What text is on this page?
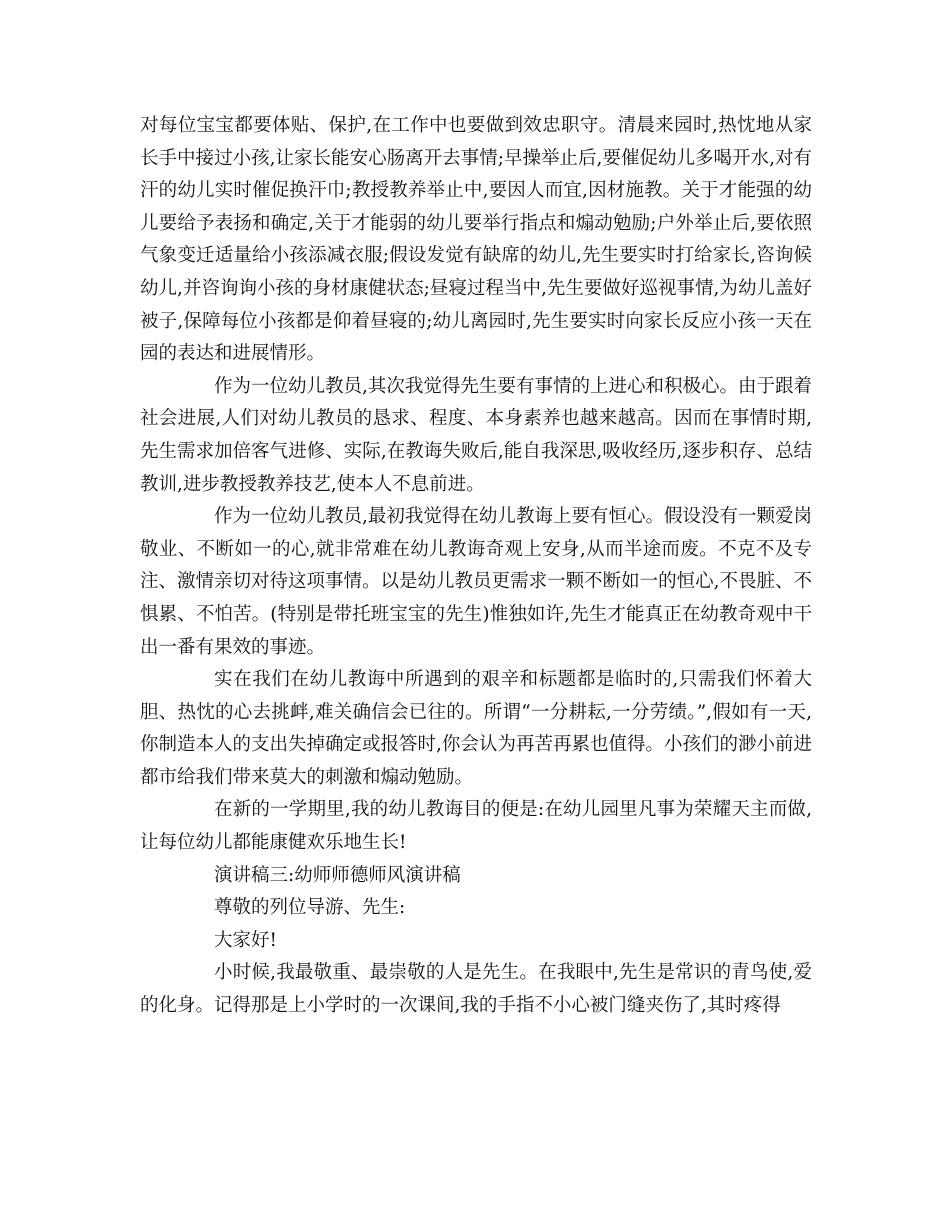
对每位宝宝都要体贴、保护,在工作中也要做到效忠职守。清晨来园时,热忱地从家长手中接过小孩,让家长能安心肠离开去事情;早操举止后,要催促幼儿多喝开水,对有汗的幼儿实时催促换汗巾;教授教养举止中,要因人而宜,因材施教。关于才能强的幼儿要给予表扬和确定,关于才能弱的幼儿要举行指点和煽动勉励;户外举止后,要依照气象变迁适量给小孩添减衣服;假设发觉有缺席的幼儿,先生要实时打给家长,咨询候幼儿,并咨询询小孩的身材康健状态;昼寝过程当中,先生要做好巡视事情,为幼儿盖好被子,保障每位小孩都是仰着昼寝的;幼儿离园时,先生要实时向家长反应小孩一天在园的表达和进展情形。

作为一位幼儿教员,其次我觉得先生要有事情的上进心和积极心。由于跟着社会进展,人们对幼儿教员的恳求、程度、本身素养也越来越高。因而在事情时期,先生需求加倍客气进修、实际,在教诲失败后,能自我深思,吸收经历,逐步积存、总结教训,进步教授教养技艺,使本人不息前进。

作为一位幼儿教员,最初我觉得在幼儿教诲上要有恒心。假设没有一颗爱岗敬业、不断如一的心,就非常难在幼儿教诲奇观上安身,从而半途而废。不克不及专注、激情亲切对待这项事情。以是幼儿教员更需求一颗不断如一的恒心,不畏脏、不惧累、不怕苦。(特别是带托班宝宝的先生)惟独如许,先生才能真正在幼教奇观中干出一番有果效的事迹。

实在我们在幼儿教诲中所遇到的艰辛和标题都是临时的,只需我们怀着大胆、热忱的心去挑衅,难关确信会已往的。所谓“一分耕耘,一分劳绩。”,假如有一天,你制造本人的支出失掉确定或报答时,你会认为再苦再累也值得。小孩们的渺小前进都市给我们带来莫大的刺激和煽动勉励。

在新的一学期里,我的幼儿教诲目的便是:在幼儿园里凡事为荣耀天主而做,让每位幼儿都能康健欢乐地生长!

演讲稿三:幼师师德师风演讲稿

尊敬的列位导游、先生:

大家好!

小时候,我最敬重、最崇敬的人是先生。在我眼中,先生是常识的青鸟使,爱的化身。记得那是上小学时的一次课间,我的手指不小心被门缝夹伤了,其时疼得
